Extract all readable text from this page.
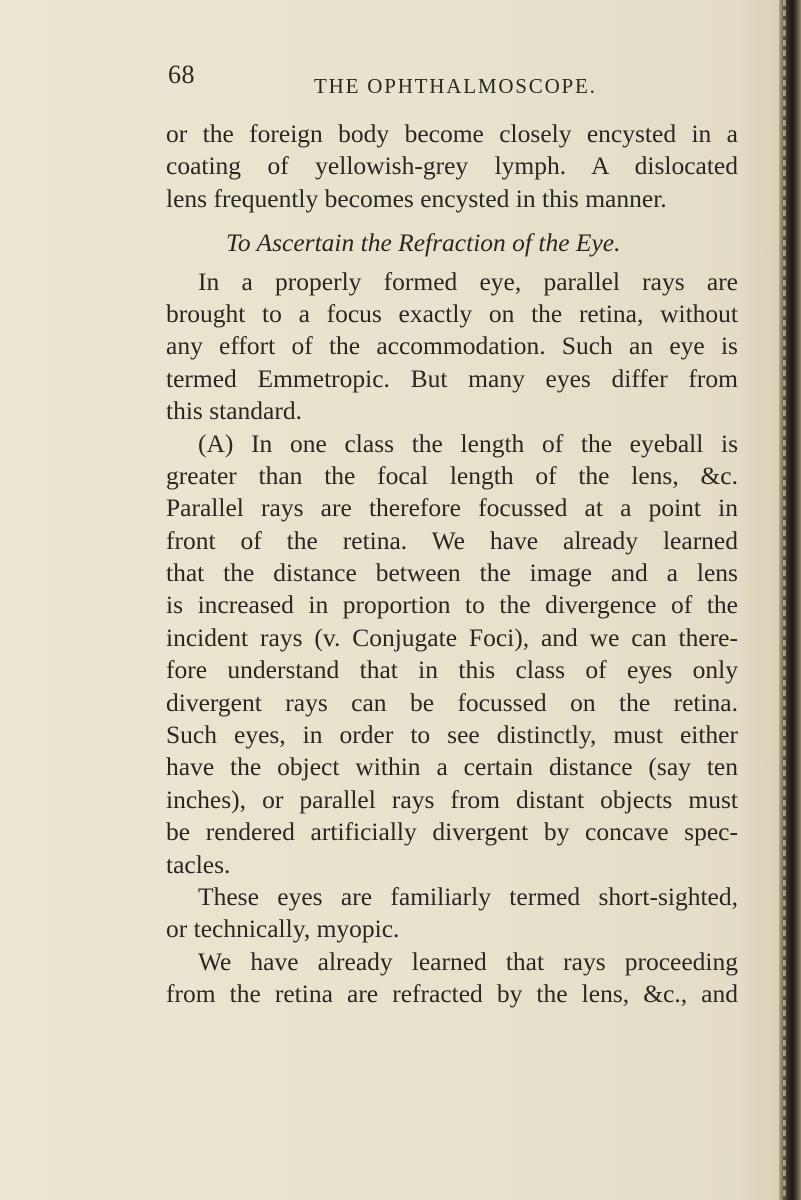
68	THE OPHTHALMOSCOPE.
or the foreign body become closely encysted in a
coating of yellowish-grey lymph. A dislocated
lens frequently becomes encysted in this manner.
To Ascertain the Refraction of the Eye.
In a properly formed eye, parallel rays are
brought to a focus exactly on the retina, without
any effort of the accommodation. Such an eye is
termed Emmetropic. But many eyes differ from
this standard.
(A) In one class the length of the eyeball is
greater than the focal length of the lens, &c.
Parallel rays are therefore focussed at a point in
front of the retina. We have already learned
that the distance between the image and a lens
is increased in proportion to the divergence of the
incident rays (v. Conjugate Foci), and we can there-
fore understand that in this class of eyes only
divergent rays can be focussed on the retina.
Such eyes, in order to see distinctly, must either
have the object within a certain distance (say ten
inches), or parallel rays from distant objects must
be rendered artificially divergent by concave spec-
tacles.
These eyes are familiarly termed short-sighted,
or technically, myopic.
We have already learned that rays proceeding
from the retina are refracted by the lens, &c., and
